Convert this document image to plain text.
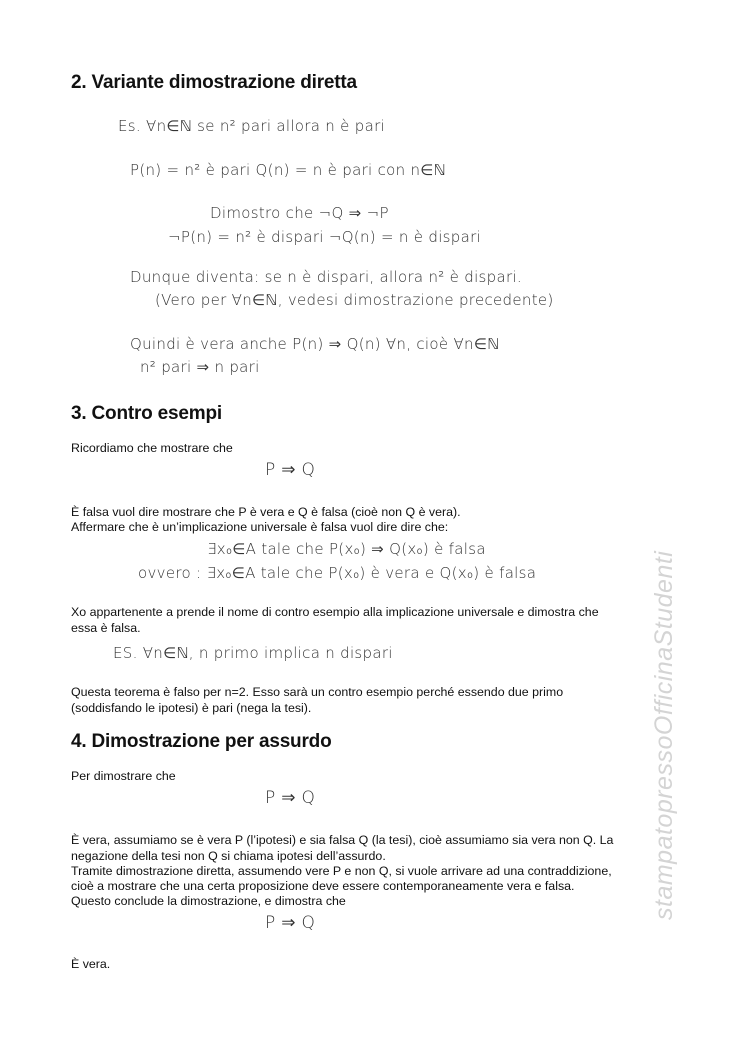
2. Variante dimostrazione diretta
Es. ∀n∈ℕ se n² pari allora n è pari
P(n) = n² è pari Q(n) = n è pari con n∈ℕ
Dimostro che ¬Q ⇒ ¬P
¬P(n) = n² è dispari ¬Q(n) = n è dispari
Dunque diventa: se n è dispari, allora n² è dispari.
(Vero per ∀n∈ℕ, vedesi dimostrazione precedente)
Quindi è vera anche P(n) ⇒ Q(n) ∀n, cioè ∀n∈ℕ
n² pari ⇒ n pari
3. Contro esempi
Ricordiamo che mostrare che
P ⇒ Q
È falsa vuol dire mostrare che P è vera e Q è falsa (cioè non Q è vera).
Affermare che è un’implicazione universale è falsa vuol dire dire che:
∃x₀∈A tale che P(x₀) ⇒ Q(x₀) è falsa
ovvero : ∃x₀∈A tale che P(x₀) è vera e Q(x₀) è falsa
Xo appartenente a prende il nome di contro esempio alla implicazione universale e dimostra che
essa è falsa.
ES. ∀n∈ℕ, n primo implica n dispari
Questa teorema è falso per n=2. Esso sarà un contro esempio perché essendo due primo
(soddisfando le ipotesi) è pari (nega la tesi).
4. Dimostrazione per assurdo
Per dimostrare che
P ⇒ Q
È vera, assumiamo se è vera P (l’ipotesi) e sia falsa Q (la tesi), cioè assumiamo sia vera non Q. La
negazione della tesi non Q si chiama ipotesi dell’assurdo.
Tramite dimostrazione diretta, assumendo vere P e non Q, si vuole arrivare ad una contraddizione,
cioè a mostrare che una certa proposizione deve essere contemporaneamente vera e falsa.
Questo conclude la dimostrazione, e dimostra che
P ⇒ Q
È vera.
stampatopressoOfficinaStudenti
